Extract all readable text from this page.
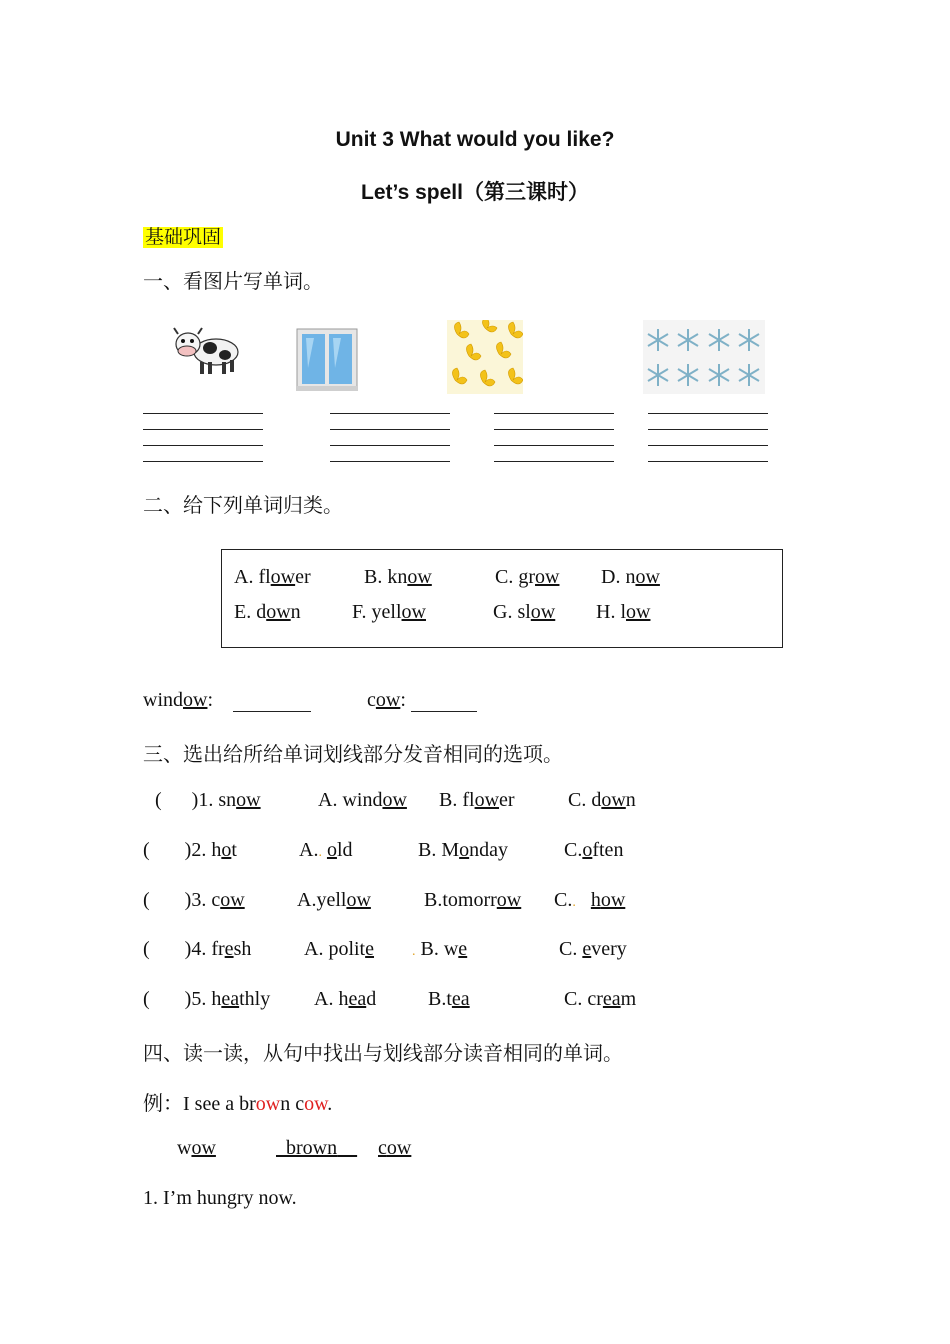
Unit 3 What would you like?
Let’s spell（第三课时）
基础巩固
一、看图片写单词。
二、给下列单词归类。
A. flower	B. know	C. grow D. now
E. down	F. yellow	G. slow H. low
window:	cow:
三、选出给所给单词划线部分发音相同的选项。
(      )1. snow	A. window B. flower	C. down
(       )2. hot	A.. old	B. Monday	C.often
(       )3. cow	A.yellow	B.tomorrow C.. how
(       )4. fresh	A. polite	. B. we	C. every
(       )5. heathly A. head	B.tea	C. cream
四、读一读，从句中找出与划线部分读音相同的单词。
例：I see a brown cow.
wow	brown	cow
1. I’m hungry now.
